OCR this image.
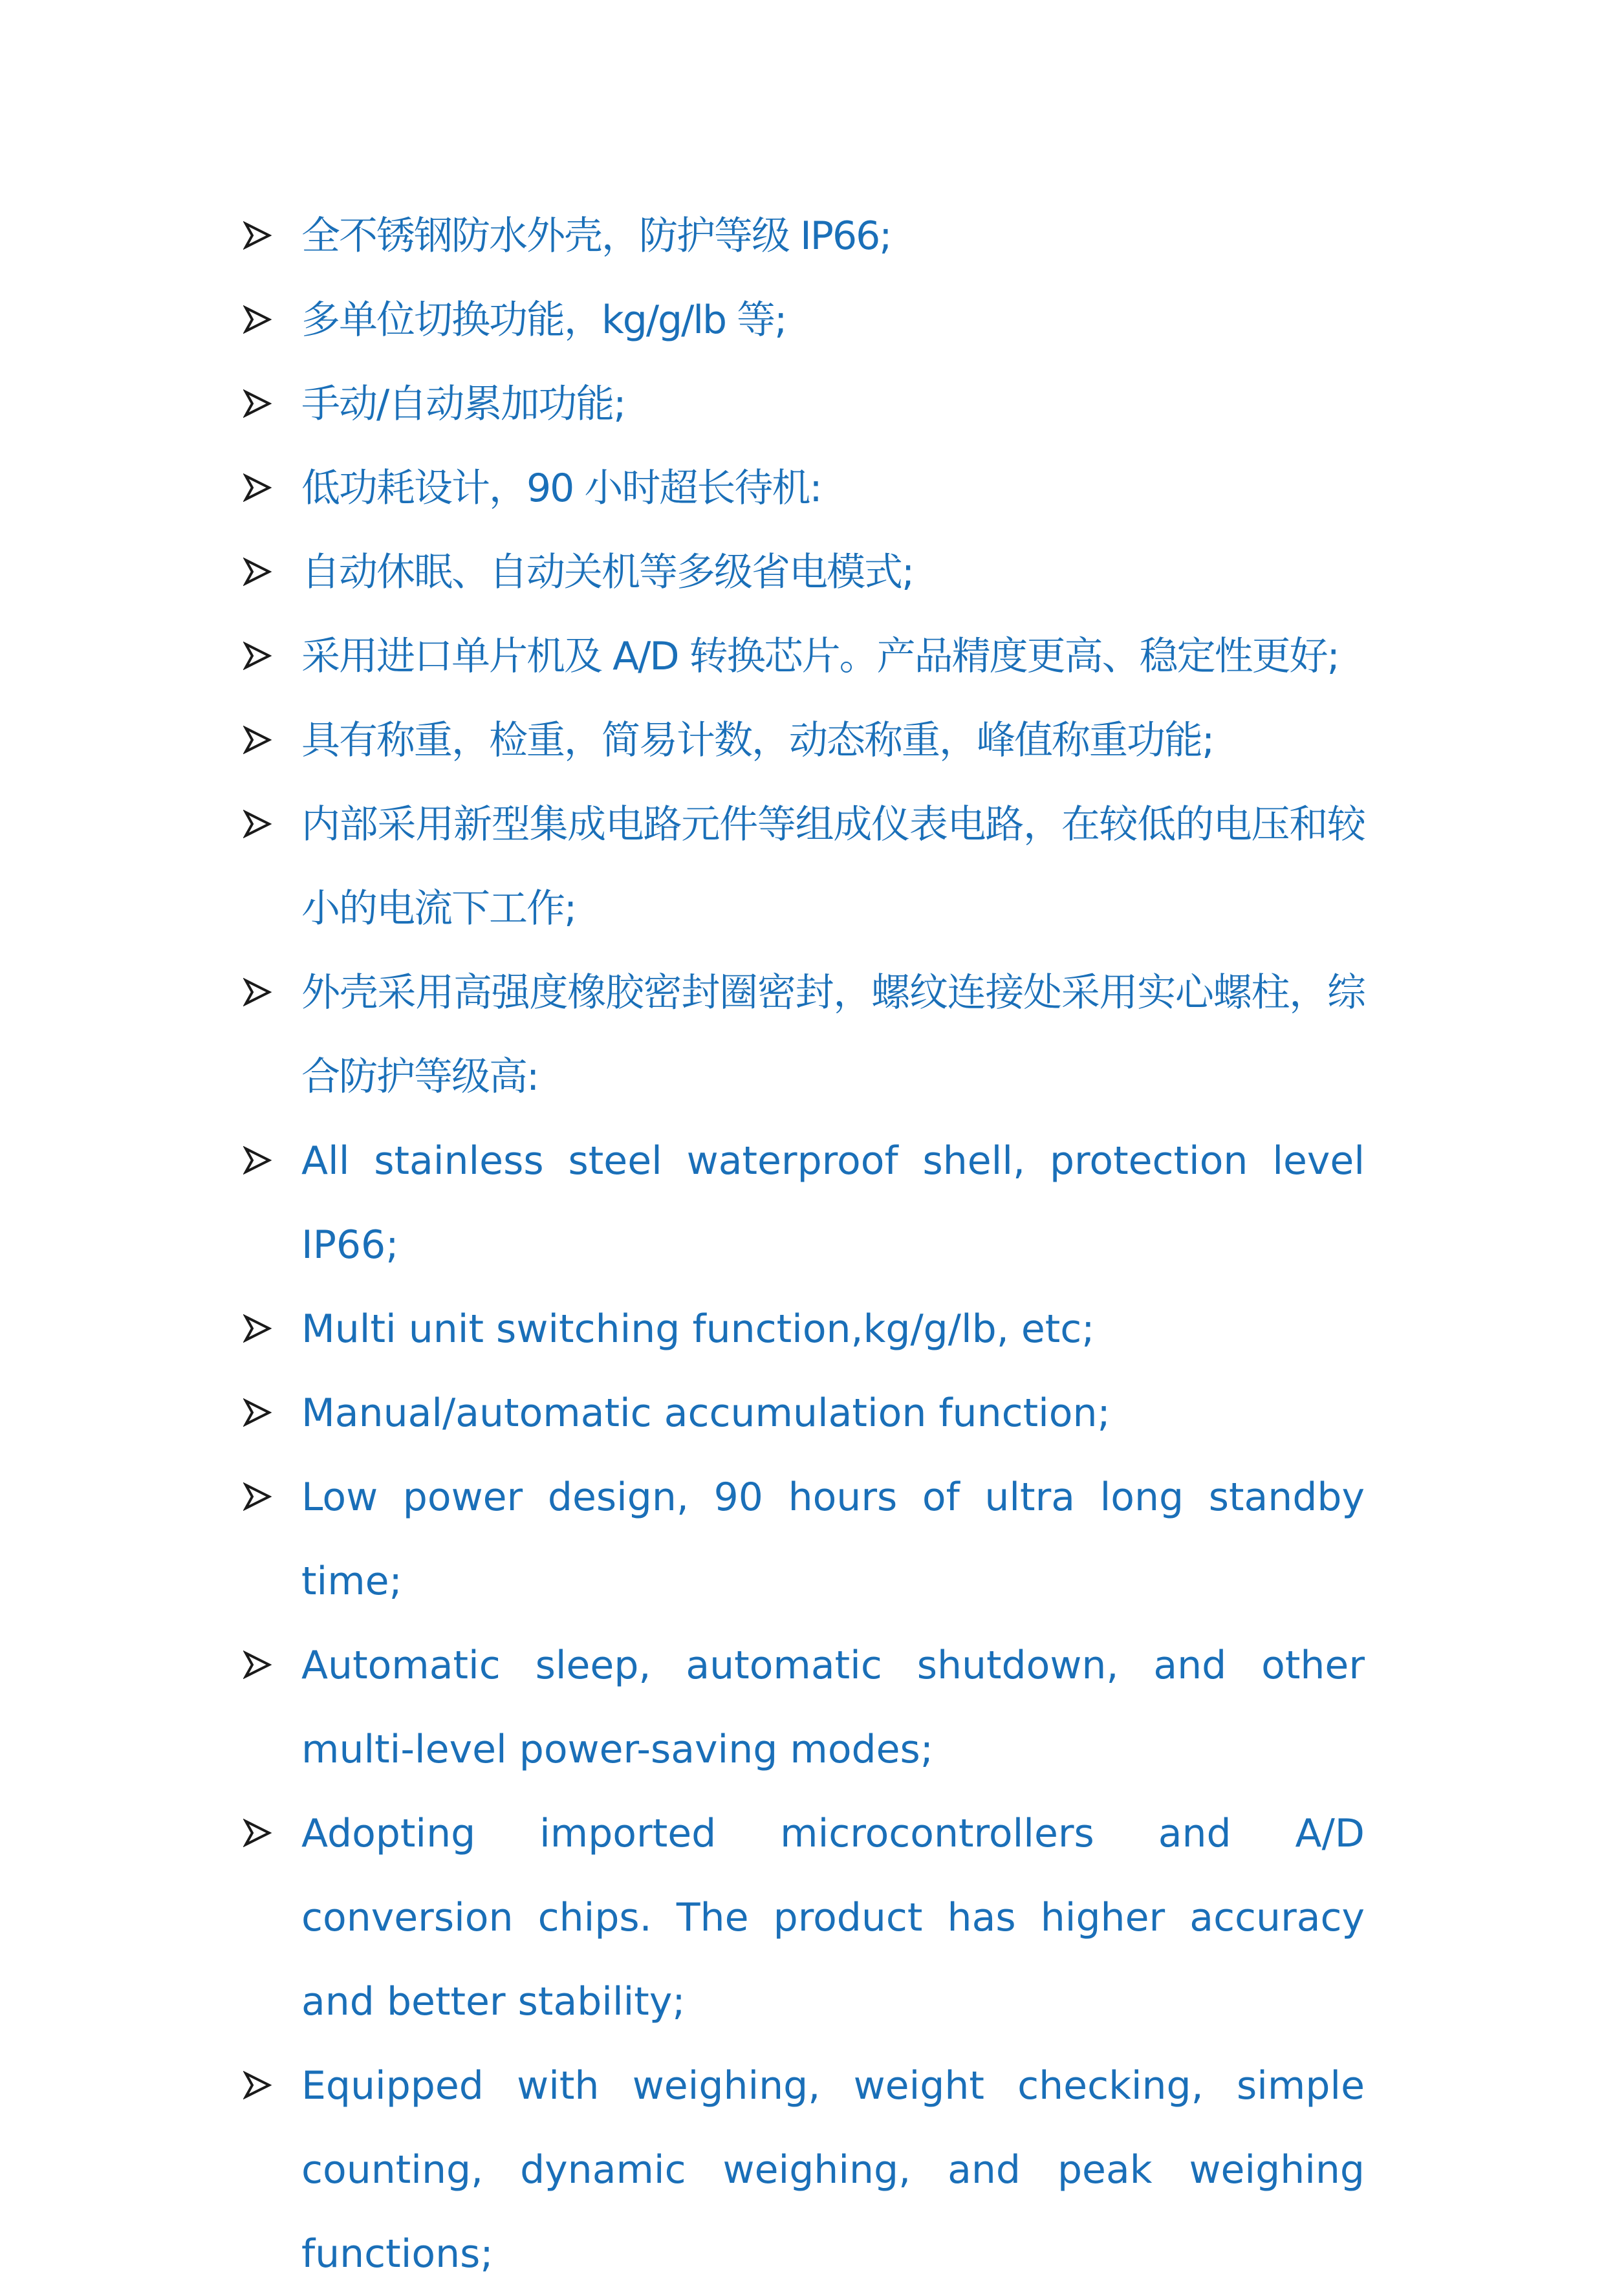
全不锈钢防水外壳，防护等级 IP66;
多单位切换功能，kg/g/lb 等;
手动/自动累加功能;
低功耗设计，90 小时超长待机:
自动休眠、自动关机等多级省电模式;
采用进口单片机及 A/D 转换芯片。产品精度更高、稳定性更好;
具有称重，检重，简易计数，动态称重，峰值称重功能;
内部采用新型集成电路元件等组成仪表电路，在较低的电压和较小的电流下工作;
外壳采用高强度橡胶密封圈密封，螺纹连接处采用实心螺柱，综合防护等级高:
All stainless steel waterproof shell, protection level IP66;
Multi unit switching function,kg/g/lb, etc;
Manual/automatic accumulation function;
Low power design, 90 hours of ultra long standby time;
Automatic sleep, automatic shutdown, and other multi-level power-saving modes;
Adopting imported microcontrollers and A/D conversion chips. The product has higher accuracy and better stability;
Equipped with weighing, weight checking, simple counting, dynamic weighing, and peak weighing functions;
